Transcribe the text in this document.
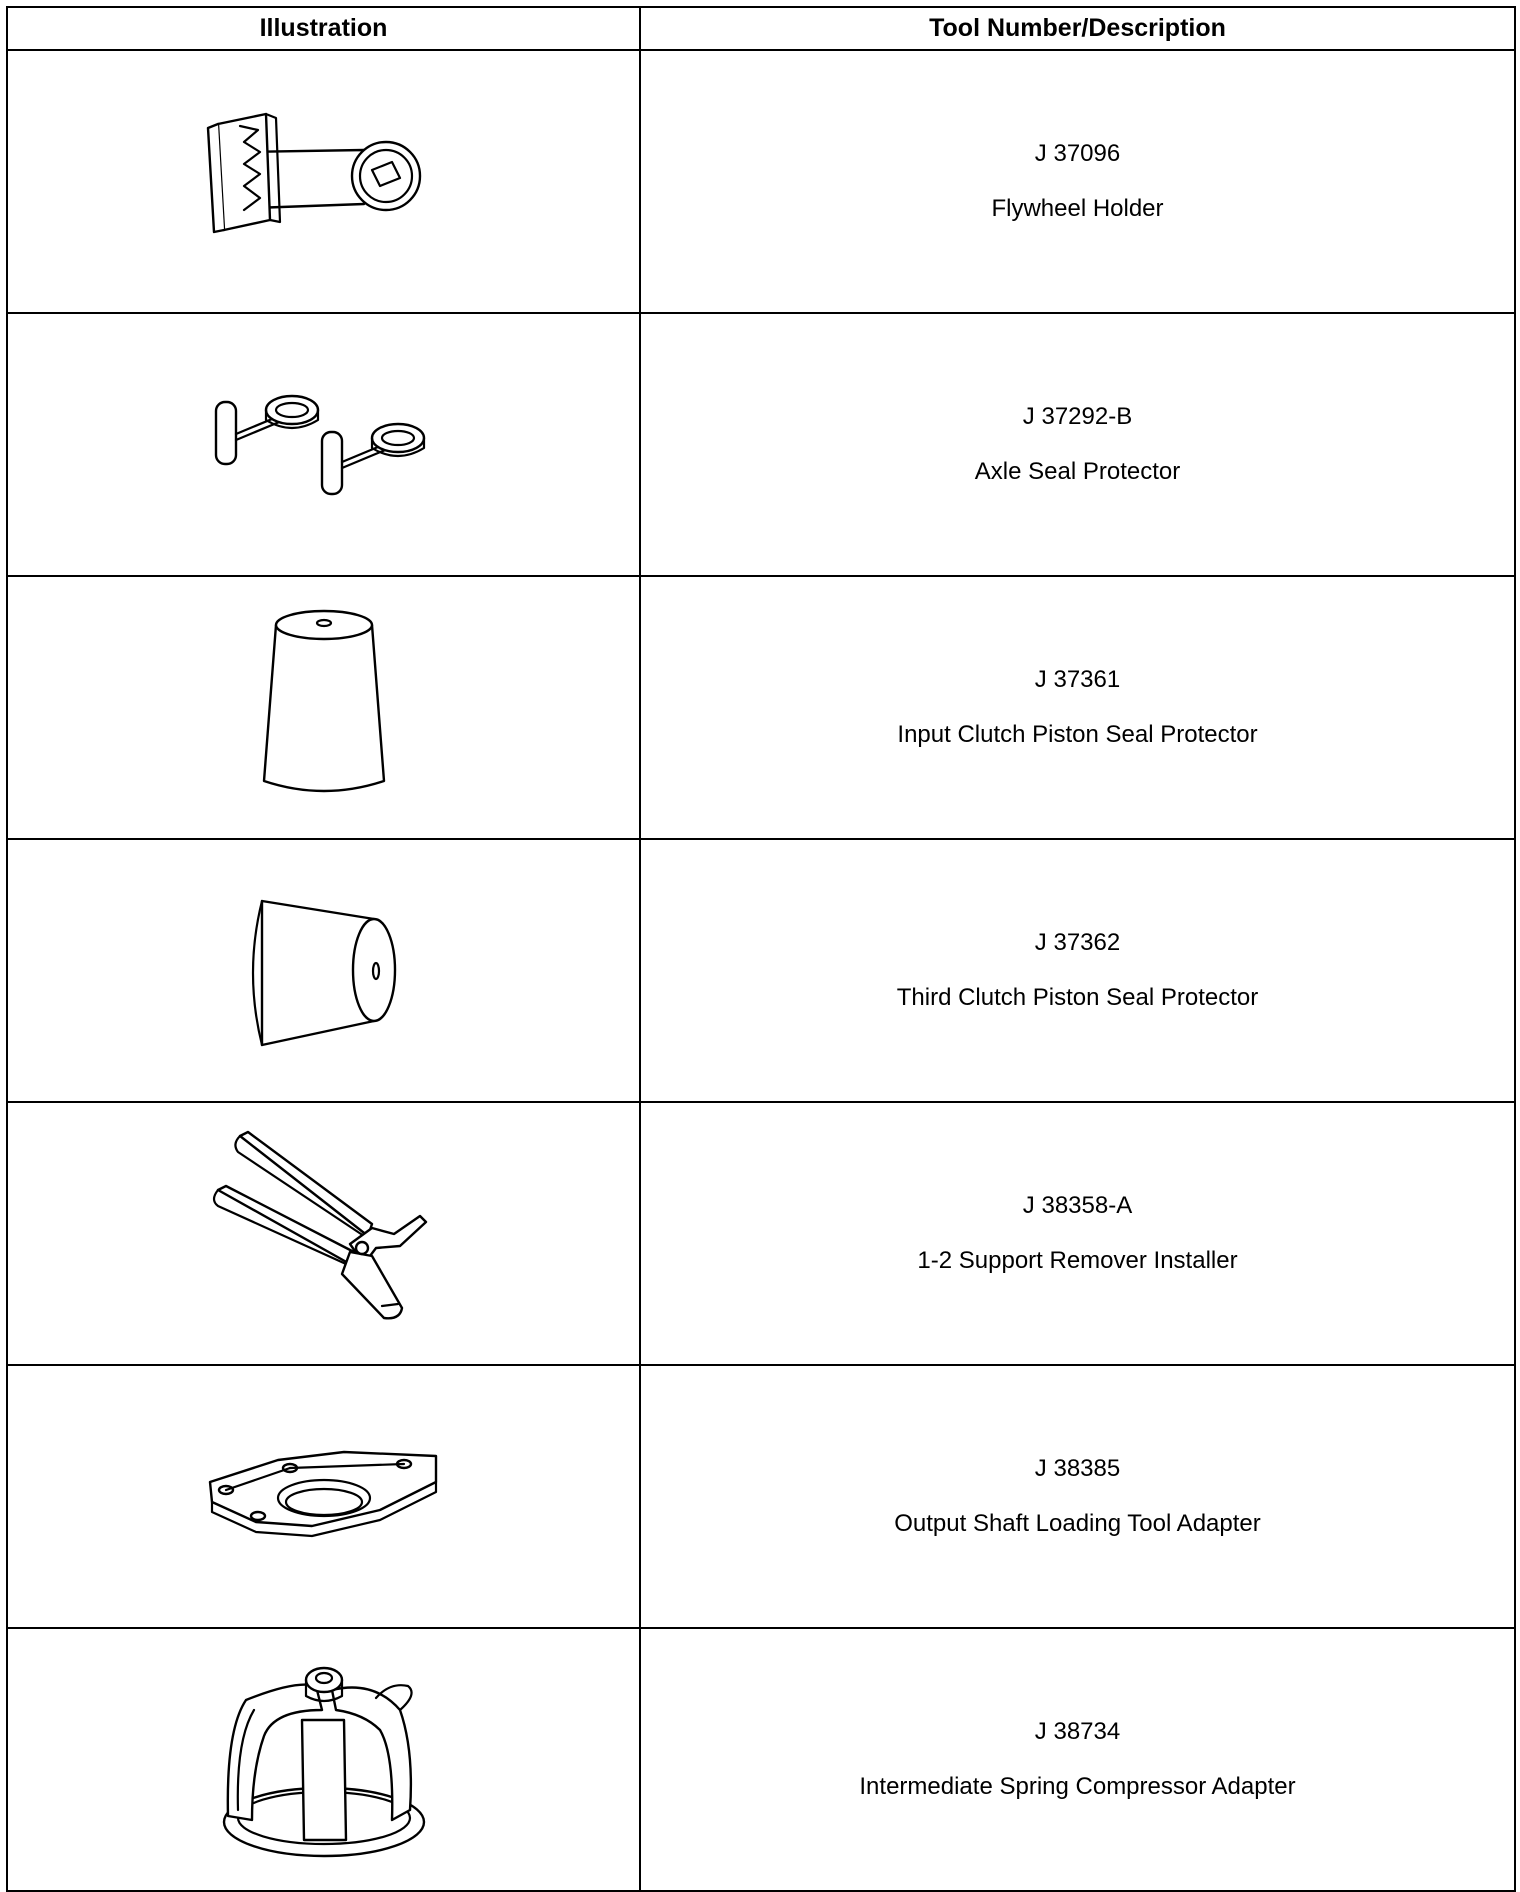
Illustration	Tool Number/Description

J 37096
Flywheel Holder

J 37292-B
Axle Seal Protector

J 37361
Input Clutch Piston Seal Protector

J 37362
Third Clutch Piston Seal Protector

J 38358-A
1-2 Support Remover Installer

J 38385
Output Shaft Loading Tool Adapter

J 38734
Intermediate Spring Compressor Adapter
